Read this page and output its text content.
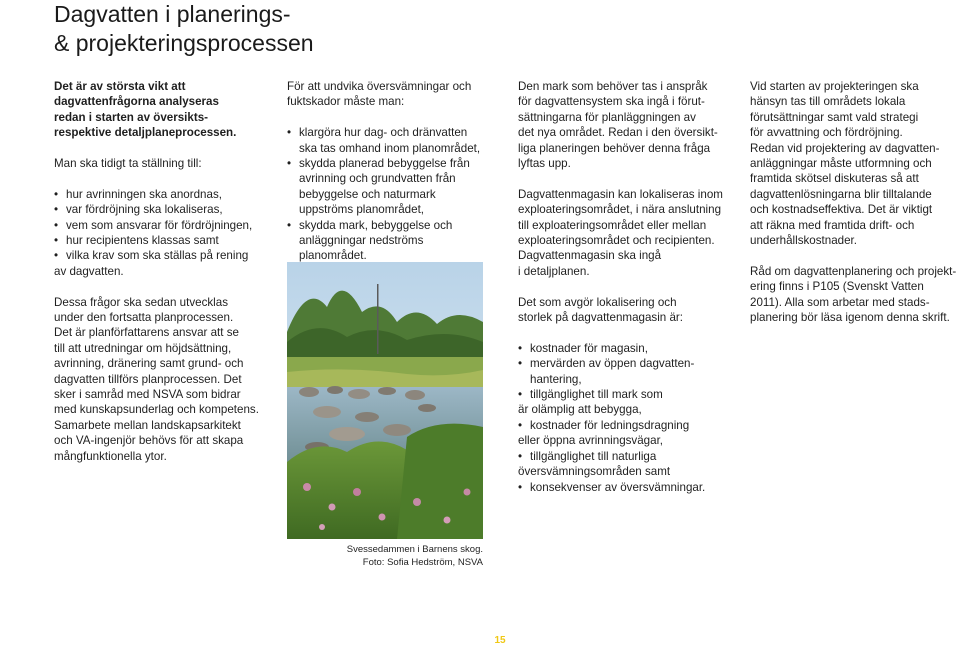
Dagvatten i planerings-
& projekteringsprocessen

Det är av största vikt att
dagvattenfrågorna analyseras
redan i starten av översikts-
respektive detaljplaneprocessen.

Man ska tidigt ta ställning till:

• hur avrinningen ska anordnas,
• var fördröjning ska lokaliseras,
• vem som ansvarar för fördröjningen,
• hur recipientens klassas samt
• vilka krav som ska ställas på rening

av dagvatten.

Dessa frågor ska sedan utvecklas
under den fortsatta planprocessen.

Det är planförfattarens ansvar att se
till att utredningar om höjdsättning,
avrinning, dränering samt grund- och
dagvatten tillförs planprocessen. Det
sker i samråd med NSVA som bidrar
med kunskapsunderlag och kompetens.
Samarbete mellan landskapsarkitekt
och VA-ingenjör behövs för att skapa
mångfunktionella ytor.

För att undvika översvämningar och
fuktskador måste man:

• klargöra hur dag- och dränvatten
ska tas omhand inom planområdet,
• skydda planerad bebyggelse från
avrinning och grundvatten från
bebyggelse och naturmark
uppströms planområdet,
• skydda mark, bebyggelse och
anläggningar nedströms planområdet.
Svessedammen i Barnens skog.
Foto: Sofia Hedström, NSVA

Den mark som behöver tas i anspråk
för dagvattensystem ska ingå i förut-
sättningarna för planläggningen av
det nya området. Redan i den översikt-
liga planeringen behöver denna fråga
lyftas upp.

Dagvattenmagasin kan lokaliseras inom
exploateringsområdet, i nära anslutning
till exploateringsområdet eller mellan
exploateringsområdet och recipienten.
Dagvattenmagasin ska ingå
i detaljplanen.

Det som avgör lokalisering och
storlek på dagvattenmagasin är:

• kostnader för magasin,
• mervärden av öppen dagvatten-
hantering,
• tillgänglighet till mark som

är olämplig att bebygga,

• kostnader för ledningsdragning

eller öppna avrinningsvägar,

• tillgänglighet till naturliga

översvämningsområden samt

• konsekvenser av översvämningar.

Vid starten av projekteringen ska
hänsyn tas till områdets lokala
förutsättningar samt vald strategi
för avvattning och fördröjning.
Redan vid projektering av dagvatten-
anläggningar måste utformning och
framtida skötsel diskuteras så att
dagvattenlösningarna blir tilltalande
och kostnadseffektiva. Det är viktigt
att räkna med framtida drift- och
underhållskostnader.

Råd om dagvattenplanering och projekt-
ering finns i P105 (Svenskt Vatten
2011). Alla som arbetar med stads-
planering bör läsa igenom denna skrift.

15
